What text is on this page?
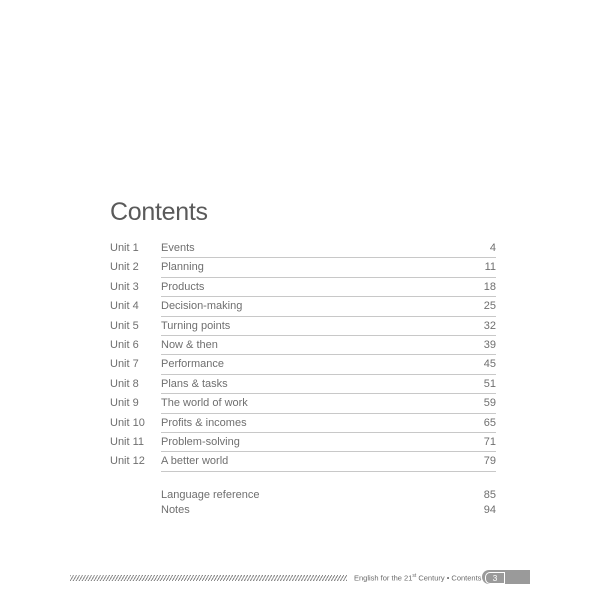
Contents
Unit 1 Events	4
Unit 2 Planning	11
Unit 3 Products	18
Unit 4 Decision-making	25
Unit 5 Turning points	32
Unit 6 Now & then	39
Unit 7 Performance	45
Unit 8 Plans & tasks	51
Unit 9 The world of work	59
Unit 10 Profits & incomes	65
Unit 11 Problem-solving	71
Unit 12 A better world	79
Language reference	85
Notes	94
English for the 21st Century • Contents	3
